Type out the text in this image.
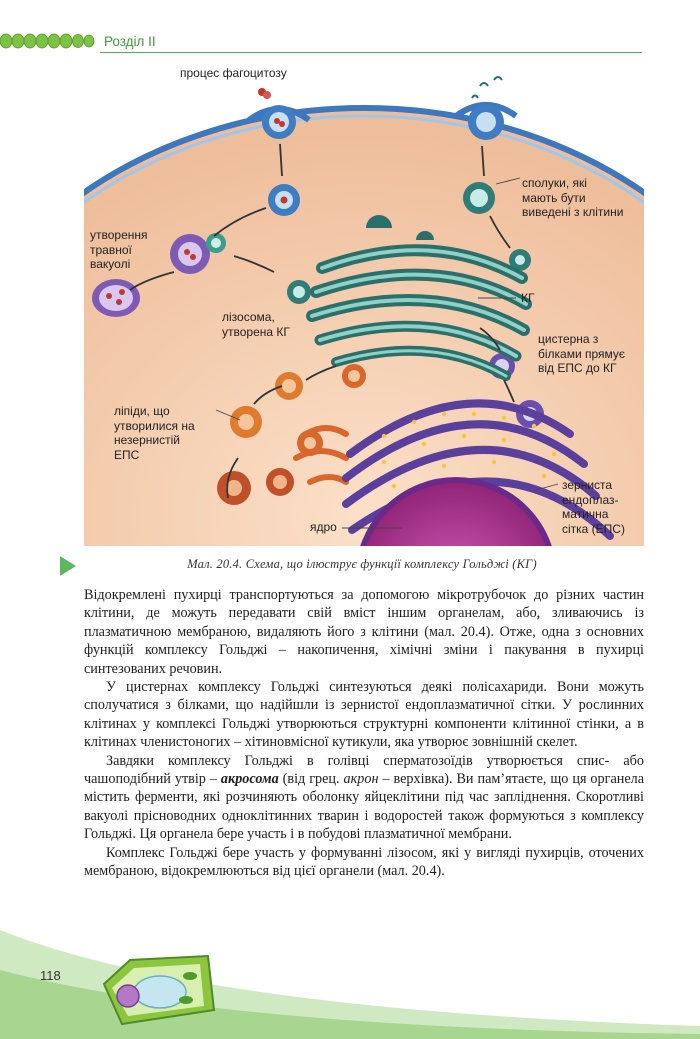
Розділ II
процес фагоцитозу
утворення
травної
вакуолі
сполуки, які
мають бути
виведені з клітини
КГ
лізосома,
утворена КГ
цистерна з
білками прямує
від ЕПС до КГ
ліпіди, що
утворилися на
незернистій
ЕПС
зерниста
ендоплаз-
матична
сітка (ЕПС)
ядро
Мал. 20.4. Схема, що ілюструє функції комплексу Гольджі (КГ)

Відокремлені пухирці транспортуються за допомогою мікротрубочок до різних частин клітини, де можуть передавати свій вміст іншим органелам, або, зливаючись із плазматичною мембраною, видаляють його з клітини (мал. 20.4). Отже, одна з основних функцій комплексу Гольджі – накопичення, хімічні зміни і пакування в пухирці синтезованих речовин.

У цистернах комплексу Гольджі синтезуються деякі полісахариди. Вони можуть сполучатися з білками, що надійшли із зернистої ендоплазматичної сітки. У рослинних клітинах у комплексі Гольджі утворюються структурні компоненти клітинної стінки, а в клітинах членистоногих – хітиновмісної кутикули, яка утворює зовнішній скелет.

Завдяки комплексу Гольджі в голівці сперматозоїдів утворюється спис- або чашоподібний утвір – акросома (від грец. акрон – верхівка). Ви пам’ятаєте, що ця органела містить ферменти, які розчиняють оболонку яйцеклітини під час запліднення. Скоротливі вакуолі прісноводних одноклітинних тварин і водоростей також формуються з комплексу Гольджі. Ця органела бере участь і в побудові плазматичної мембрани.

Комплекс Гольджі бере участь у формуванні лізосом, які у вигляді пухирців, оточених мембраною, відокремлюються від цієї органели (мал. 20.4).

118
